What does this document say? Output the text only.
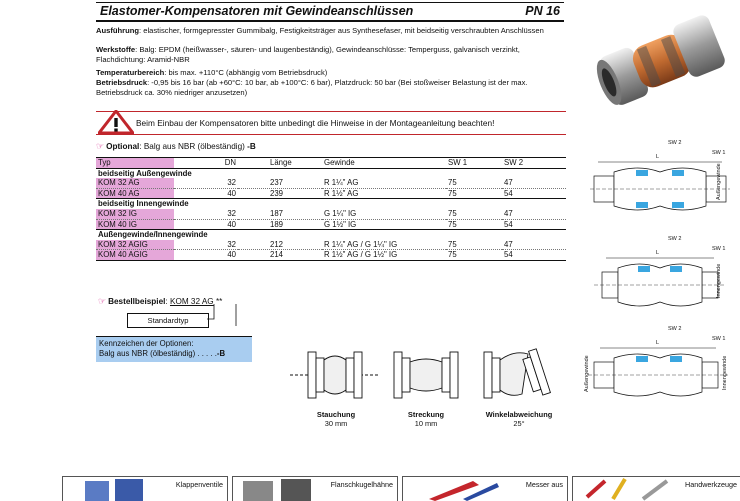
Elastomer-Kompensatoren mit Gewindeanschlüssen	PN 16
Ausführung: elastischer, formgepresster Gummibalg, Festigkeitsträger aus Synthesefaser, mit beidseitig verschraubten Anschlüssen
Werkstoffe: Balg: EPDM (heißwasser-, säuren- und laugenbeständig), Gewindeanschlüsse: Temperguss, galvanisch verzinkt, Flachdichtung: Aramid-NBR
Temperaturbereich: bis max. +110°C (abhängig vom Betriebsdruck)
Betriebsdruck: -0,95 bis 16 bar (ab +60°C: 10 bar, ab +100°C: 6 bar), Platzdruck: 50 bar (Bei stoßweiser Belastung ist der max. Betriebsdruck ca. 30% niedriger anzusetzen)
Beim Einbau der Kompensatoren bitte unbedingt die Hinweise in der Montageanleitung beachten!
☞ Optional: Balg aus NBR (ölbeständig) -B
Typ	DN	Länge	Gewinde	SW 1	SW 2
beidseitig Außengewinde					
KOM 32 AG	32	237	R 1¼" AG	75	47
KOM 40 AG	40	239	R 1½" AG	75	54
beidseitig Innengewinde					
KOM 32 IG	32	187	G 1¼" IG	75	47
KOM 40 IG	40	189	G 1½" IG	75	54
Außengewinde/Innengewinde					
KOM 32 AGIG	32	212	R 1¼" AG / G 1¼" IG	75	47
KOM 40 AGIG	40	214	R 1½" AG / G 1½" IG	75	54
☞ Bestellbeispiel: KOM 32 AG **
Standardtyp
Kennzeichen der Optionen:
Balg aus NBR (ölbeständig) . . . . .-B
Stauchung
30 mm
Streckung
10 mm
Winkelabweichung
25°
L
SW 2
SW 1
Außengewinde
L
SW 2
SW 1
Innengewinde
L
SW 2
SW 1
Außengewinde	Innengewinde
Klappenventile	Flanschkugelhähne	Messer aus	Handwerkzeuge
